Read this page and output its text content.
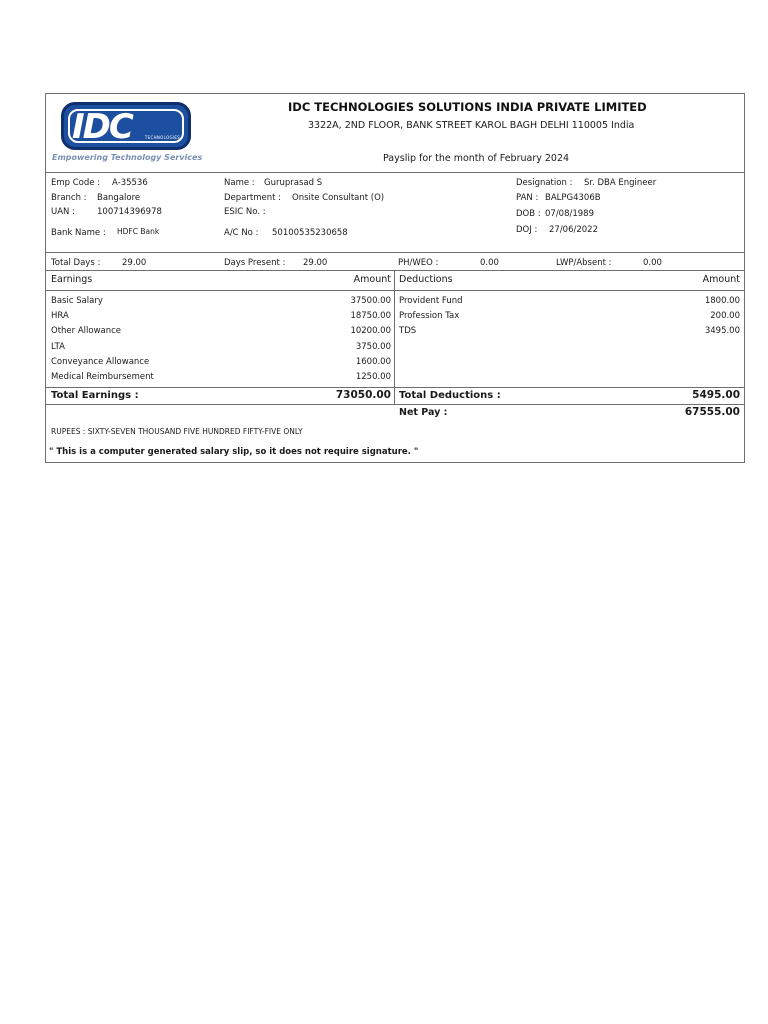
IDC	TECHNOLOGIES
Empowering Technology Services
IDC TECHNOLOGIES SOLUTIONS INDIA PRIVATE LIMITED
3322A, 2ND FLOOR, BANK STREET KAROL BAGH DELHI 110005 India
Payslip for the month of February 2024
Emp Code : A-35536
Branch : Bangalore
UAN :	100714396978
Bank Name : HDFC Bank
Name : Guruprasad S
Department : Onsite Consultant (O)
ESIC No. :
A/C No : 50100535230658
Designation : Sr. DBA Engineer
PAN : BALPG4306B
DOB : 07/08/1989
DOJ : 27/06/2022
Total Days :	29.00	Days Present : 29.00	PH/WEO :	0.00	LWP/Absent :	0.00
Earnings	Amount Deductions	Amount
Basic Salary	37500.00
HRA	18750.00
Other Allowance	10200.00
LTA	3750.00
Conveyance Allowance	1600.00
Medical Reimbursement	1250.00
Provident Fund	1800.00
Profession Tax	200.00
TDS	3495.00
Total Earnings :	73050.00 Total Deductions :	5495.00
Net Pay :	67555.00
RUPEES : SIXTY-SEVEN THOUSAND FIVE HUNDRED FIFTY-FIVE ONLY
" This is a computer generated salary slip, so it does not require signature. "
